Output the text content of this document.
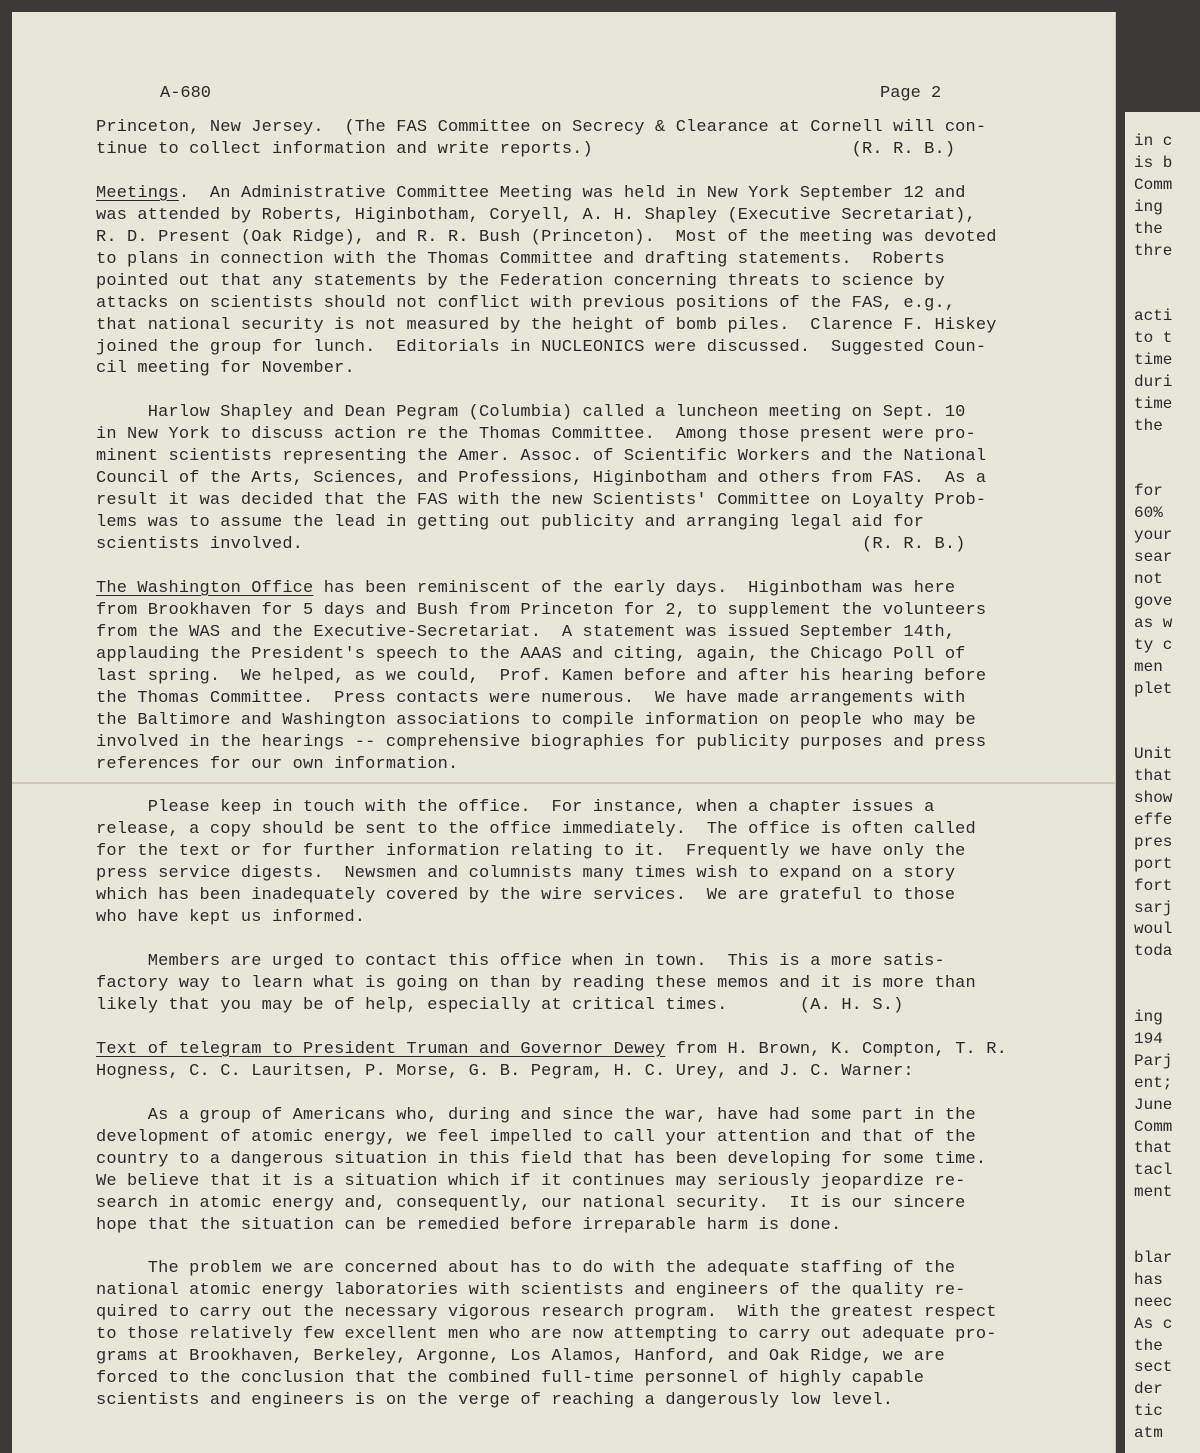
A-680	Page 2
Princeton, New Jersey.  (The FAS Committee on Secrecy & Clearance at Cornell will con-
tinue to collect information and write reports.)                         (R. R. B.)
Meetings.  An Administrative Committee Meeting was held in New York September 12 and
was attended by Roberts, Higinbotham, Coryell, A. H. Shapley (Executive Secretariat),
R. D. Present (Oak Ridge), and R. R. Bush (Princeton).  Most of the meeting was devoted
to plans in connection with the Thomas Committee and drafting statements.  Roberts
pointed out that any statements by the Federation concerning threats to science by
attacks on scientists should not conflict with previous positions of the FAS, e.g.,
that national security is not measured by the height of bomb piles.  Clarence F. Hiskey
joined the group for lunch.  Editorials in NUCLEONICS were discussed.  Suggested Coun-
cil meeting for November.
Harlow Shapley and Dean Pegram (Columbia) called a luncheon meeting on Sept. 10
in New York to discuss action re the Thomas Committee.  Among those present were pro-
minent scientists representing the Amer. Assoc. of Scientific Workers and the National
Council of the Arts, Sciences, and Professions, Higinbotham and others from FAS.  As a
result it was decided that the FAS with the new Scientists' Committee on Loyalty Prob-
lems was to assume the lead in getting out publicity and arranging legal aid for
scientists involved.                                                      (R. R. B.)
The Washington Office has been reminiscent of the early days.  Higinbotham was here
from Brookhaven for 5 days and Bush from Princeton for 2, to supplement the volunteers
from the WAS and the Executive-Secretariat.  A statement was issued September 14th,
applauding the President's speech to the AAAS and citing, again, the Chicago Poll of
last spring.  We helped, as we could,  Prof. Kamen before and after his hearing before
the Thomas Committee.  Press contacts were numerous.  We have made arrangements with
the Baltimore and Washington associations to compile information on people who may be
involved in the hearings -- comprehensive biographies for publicity purposes and press
references for our own information.
Please keep in touch with the office.  For instance, when a chapter issues a
release, a copy should be sent to the office immediately.  The office is often called
for the text or for further information relating to it.  Frequently we have only the
press service digests.  Newsmen and columnists many times wish to expand on a story
which has been inadequately covered by the wire services.  We are grateful to those
who have kept us informed.
Members are urged to contact this office when in town.  This is a more satis-
factory way to learn what is going on than by reading these memos and it is more than
likely that you may be of help, especially at critical times.       (A. H. S.)
Text of telegram to President Truman and Governor Dewey from H. Brown, K. Compton, T. R.
Hogness, C. C. Lauritsen, P. Morse, G. B. Pegram, H. C. Urey, and J. C. Warner:
As a group of Americans who, during and since the war, have had some part in the
development of atomic energy, we feel impelled to call your attention and that of the
country to a dangerous situation in this field that has been developing for some time.
We believe that it is a situation which if it continues may seriously jeopardize re-
search in atomic energy and, consequently, our national security.  It is our sincere
hope that the situation can be remedied before irreparable harm is done.
The problem we are concerned about has to do with the adequate staffing of the
national atomic energy laboratories with scientists and engineers of the quality re-
quired to carry out the necessary vigorous research program.  With the greatest respect
to those relatively few excellent men who are now attempting to carry out adequate pro-
grams at Brookhaven, Berkeley, Argonne, Los Alamos, Hanford, and Oak Ridge, we are
forced to the conclusion that the combined full-time personnel of highly capable
scientists and engineers is on the verge of reaching a dangerously low level.
in c
is b
Comm
ing
the
thre
acti
to t
time
duri
time
the
for
60%
your
sear
not
gove
as w
ty c
men
plet
Unit
that
show
effe
pres
port
fort
sarj
woul
toda
ing
194
Parj
ent;
June
Comm
that
tacl
ment
blar
has
neec
As c
the
sect
der
tic
atm
